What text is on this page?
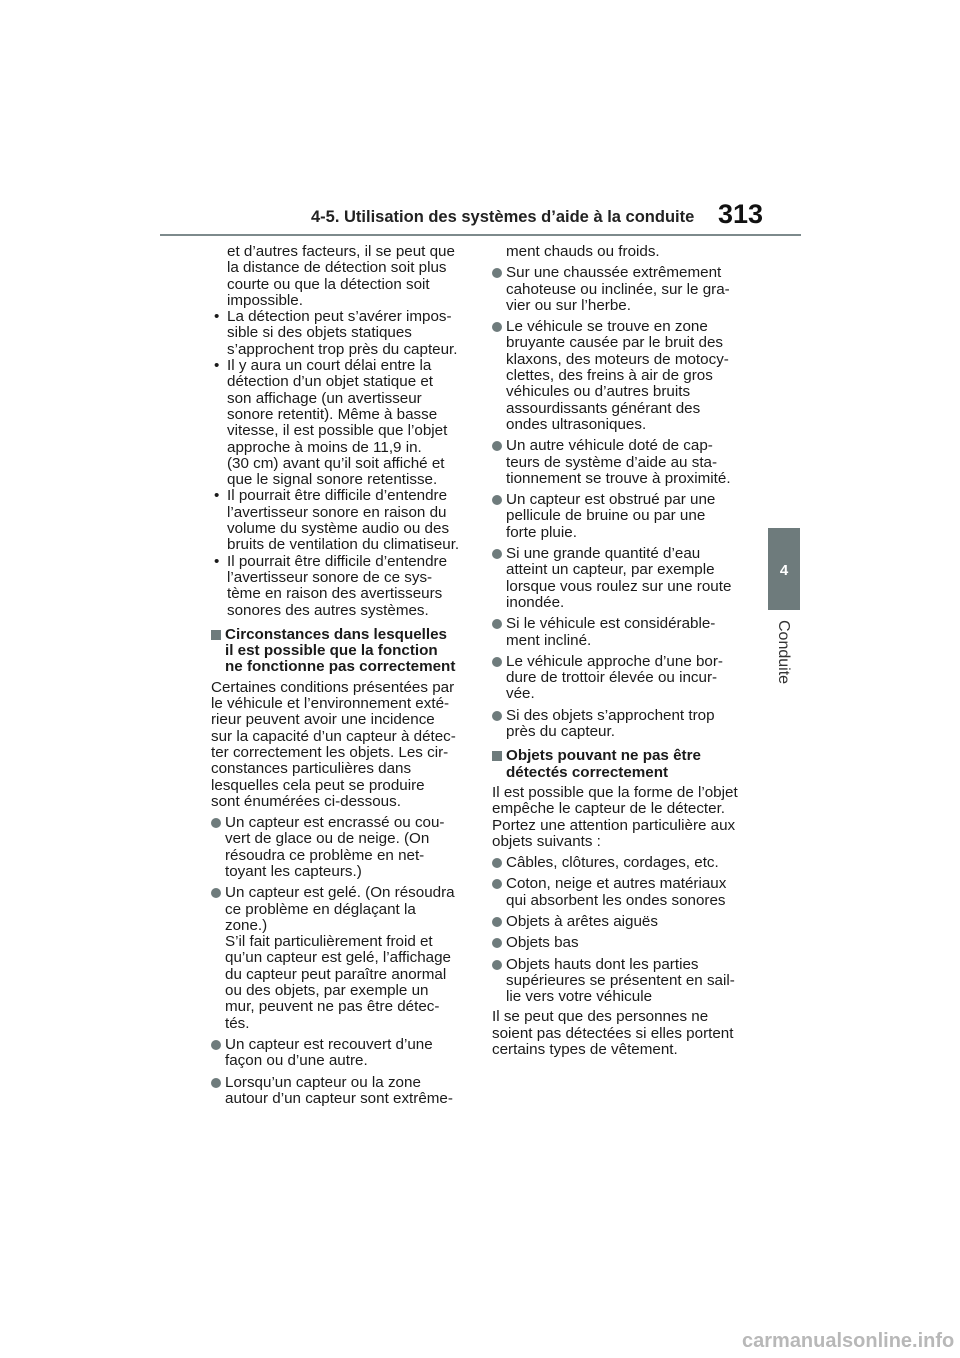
4-5. Utilisation des systèmes d’aide à la conduite 313
4
Conduite

et d’autres facteurs, il se peut que
la distance de détection soit plus
courte ou que la détection soit
impossible.

• La détection peut s’avérer impos-
sible si des objets statiques
s’approchent trop près du capteur.
• Il y aura un court délai entre la
détection d’un objet statique et
son affichage (un avertisseur
sonore retentit). Même à basse
vitesse, il est possible que l’objet
approche à moins de 11,9 in.
(30 cm) avant qu’il soit affiché et
que le signal sonore retentisse.
• Il pourrait être difficile d’entendre
l’avertisseur sonore en raison du
volume du système audio ou des
bruits de ventilation du climatiseur.
• Il pourrait être difficile d’entendre
l’avertisseur sonore de ce sys-
tème en raison des avertisseurs
sonores des autres systèmes.
Circonstances dans lesquelles
il est possible que la fonction
ne fonctionne pas correctement

Certaines conditions présentées par
le véhicule et l’environnement exté-
rieur peuvent avoir une incidence
sur la capacité d’un capteur à détec-
ter correctement les objets. Les cir-
constances particulières dans
lesquelles cela peut se produire
sont énumérées ci-dessous.

Un capteur est encrassé ou cou-
vert de glace ou de neige. (On
résoudra ce problème en net-
toyant les capteurs.)
Un capteur est gelé. (On résoudra
ce problème en déglaçant la
zone.)
S’il fait particulièrement froid et
qu’un capteur est gelé, l’affichage
du capteur peut paraître anormal
ou des objets, par exemple un
mur, peuvent ne pas être détec-
tés.
Un capteur est recouvert d’une
façon ou d’une autre.
Lorsqu’un capteur ou la zone
autour d’un capteur sont extrême-

ment chauds ou froids.

Sur une chaussée extrêmement
cahoteuse ou inclinée, sur le gra-
vier ou sur l’herbe.
Le véhicule se trouve en zone
bruyante causée par le bruit des
klaxons, des moteurs de motocy-
clettes, des freins à air de gros
véhicules ou d’autres bruits
assourdissants générant des
ondes ultrasoniques.
Un autre véhicule doté de cap-
teurs de système d’aide au sta-
tionnement se trouve à proximité.
Un capteur est obstrué par une
pellicule de bruine ou par une
forte pluie.
Si une grande quantité d’eau
atteint un capteur, par exemple
lorsque vous roulez sur une route
inondée.
Si le véhicule est considérable-
ment incliné.
Le véhicule approche d’une bor-
dure de trottoir élevée ou incur-
vée.
Si des objets s’approchent trop
près du capteur.
Objets pouvant ne pas être
détectés correctement

Il est possible que la forme de l’objet
empêche le capteur de le détecter.
Portez une attention particulière aux
objets suivants :

Câbles, clôtures, cordages, etc.
Coton, neige et autres matériaux
qui absorbent les ondes sonores
Objets à arêtes aiguës
Objets bas
Objets hauts dont les parties
supérieures se présentent en sail-
lie vers votre véhicule

Il se peut que des personnes ne
soient pas détectées si elles portent
certains types de vêtement.

carmanualsonline.info
